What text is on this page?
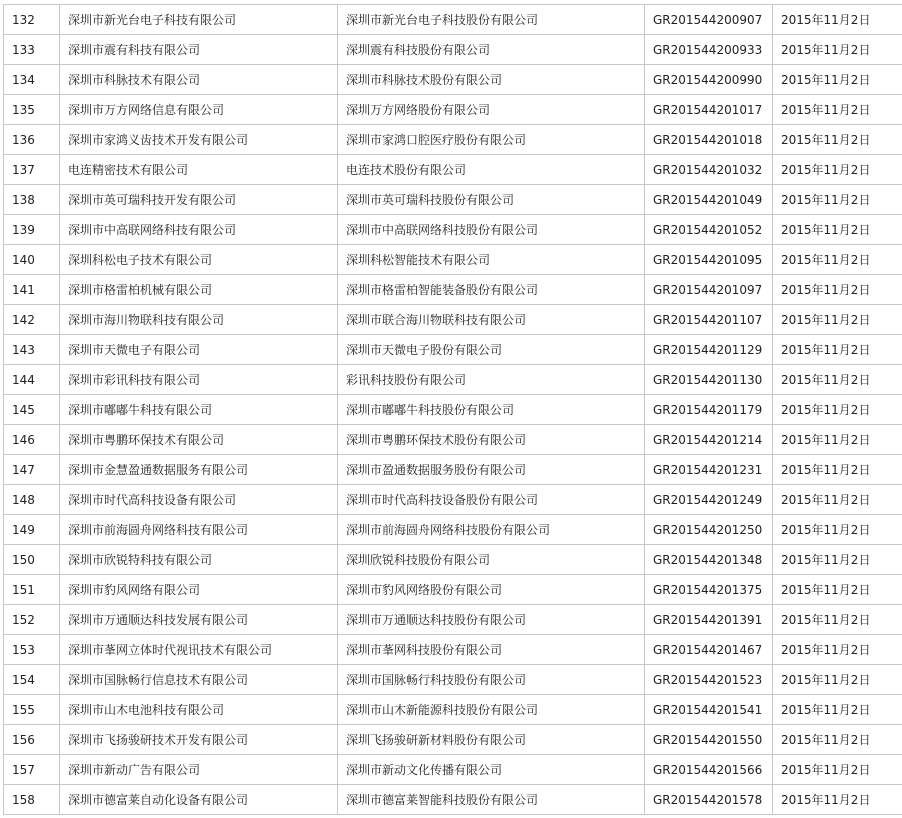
132	深圳市新光台电子科技有限公司	深圳市新光台电子科技股份有限公司	GR201544200907	2015年11月2日
133	深圳市震有科技有限公司	深圳震有科技股份有限公司	GR201544200933	2015年11月2日
134	深圳市科脉技术有限公司	深圳市科脉技术股份有限公司	GR201544200990	2015年11月2日
135	深圳市万方网络信息有限公司	深圳万方网络股份有限公司	GR201544201017	2015年11月2日
136	深圳市家鸿义齿技术开发有限公司	深圳市家鸿口腔医疗股份有限公司	GR201544201018	2015年11月2日
137	电连精密技术有限公司	电连技术股份有限公司	GR201544201032	2015年11月2日
138	深圳市英可瑞科技开发有限公司	深圳市英可瑞科技股份有限公司	GR201544201049	2015年11月2日
139	深圳市中高联网络科技有限公司	深圳市中高联网络科技股份有限公司	GR201544201052	2015年11月2日
140	深圳科松电子技术有限公司	深圳科松智能技术有限公司	GR201544201095	2015年11月2日
141	深圳市格雷柏机械有限公司	深圳市格雷柏智能装备股份有限公司	GR201544201097	2015年11月2日
142	深圳市海川物联科技有限公司	深圳市联合海川物联科技有限公司	GR201544201107	2015年11月2日
143	深圳市天微电子有限公司	深圳市天微电子股份有限公司	GR201544201129	2015年11月2日
144	深圳市彩讯科技有限公司	彩讯科技股份有限公司	GR201544201130	2015年11月2日
145	深圳市嘟嘟牛科技有限公司	深圳市嘟嘟牛科技股份有限公司	GR201544201179	2015年11月2日
146	深圳市粤鹏环保技术有限公司	深圳市粤鹏环保技术股份有限公司	GR201544201214	2015年11月2日
147	深圳市金慧盈通数据服务有限公司	深圳市盈通数据服务股份有限公司	GR201544201231	2015年11月2日
148	深圳市时代高科技设备有限公司	深圳市时代高科技设备股份有限公司	GR201544201249	2015年11月2日
149	深圳市前海圆舟网络科技有限公司	深圳市前海圆舟网络科技股份有限公司	GR201544201250	2015年11月2日
150	深圳市欣锐特科技有限公司	深圳欣锐科技股份有限公司	GR201544201348	2015年11月2日
151	深圳市豹风网络有限公司	深圳市豹风网络股份有限公司	GR201544201375	2015年11月2日
152	深圳市万通顺达科技发展有限公司	深圳市万通顺达科技股份有限公司	GR201544201391	2015年11月2日
153	深圳市莑网立体时代视讯技术有限公司	深圳市莑网科技股份有限公司	GR201544201467	2015年11月2日
154	深圳市国脉畅行信息技术有限公司	深圳市国脉畅行科技股份有限公司	GR201544201523	2015年11月2日
155	深圳市山木电池科技有限公司	深圳市山木新能源科技股份有限公司	GR201544201541	2015年11月2日
156	深圳市飞扬骏研技术开发有限公司	深圳飞扬骏研新材料股份有限公司	GR201544201550	2015年11月2日
157	深圳市新动广告有限公司	深圳市新动文化传播有限公司	GR201544201566	2015年11月2日
158	深圳市德富莱自动化设备有限公司	深圳市德富莱智能科技股份有限公司	GR201544201578	2015年11月2日
